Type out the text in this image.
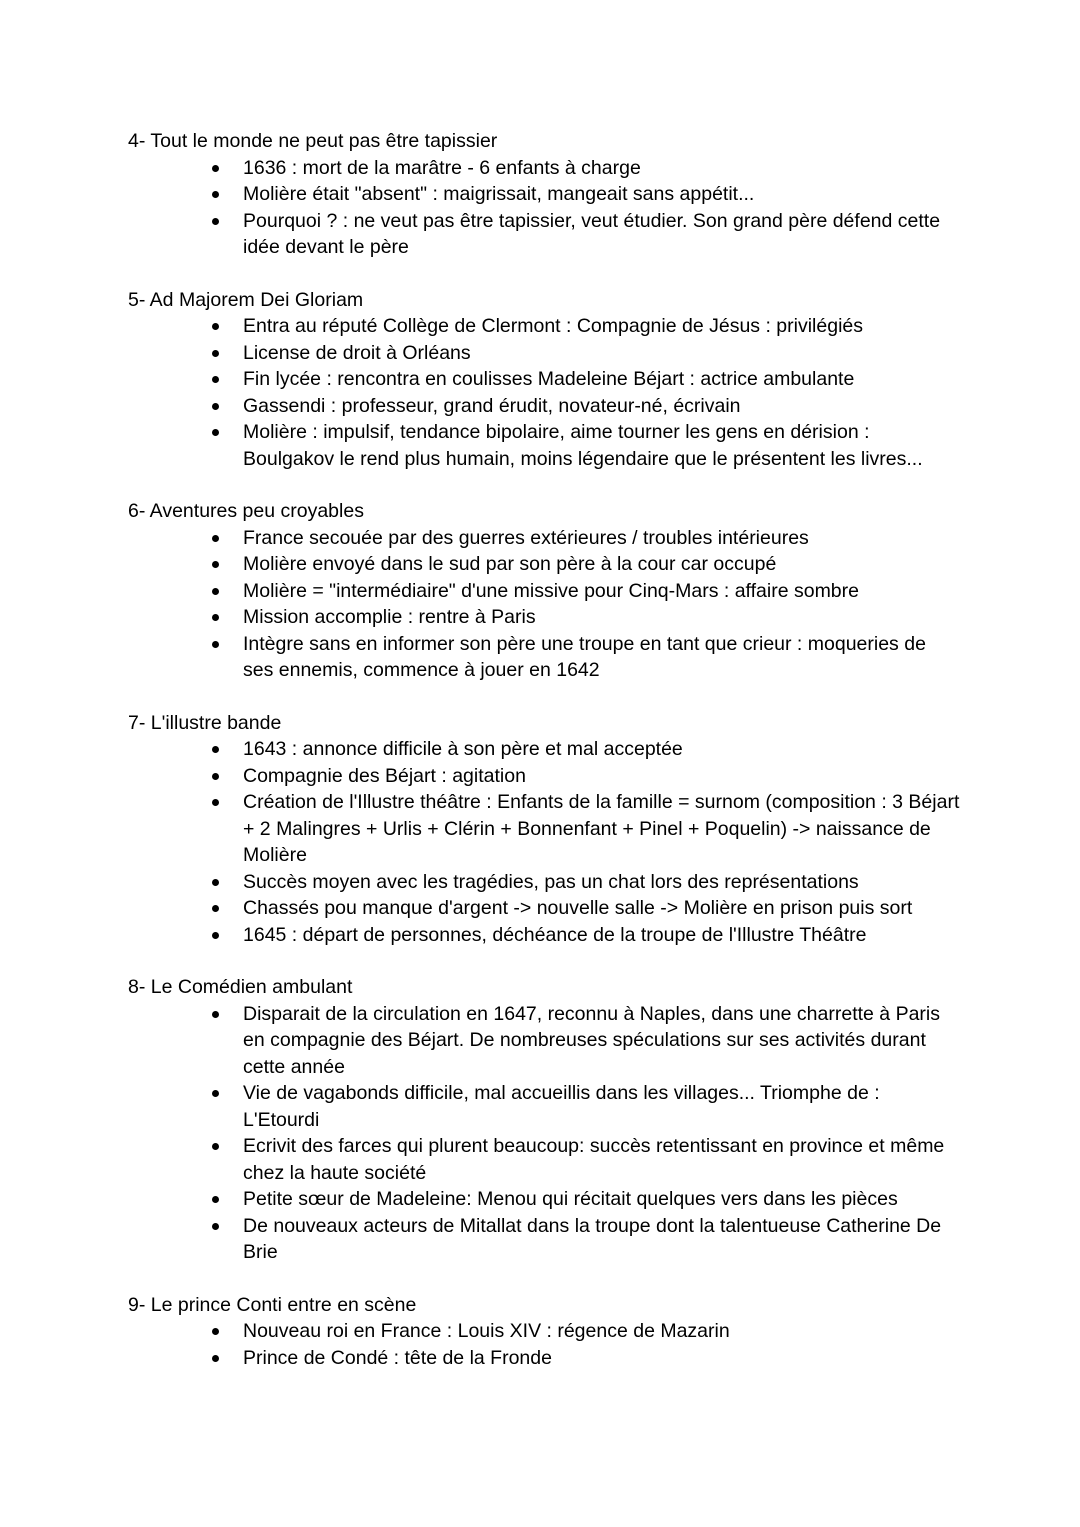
4- Tout le monde ne peut pas être tapissier
1636 : mort de la marâtre - 6 enfants à charge
Molière était "absent" : maigrissait, mangeait sans appétit...
Pourquoi ? : ne veut pas être tapissier, veut étudier. Son grand père défend cette idée devant le père
5- Ad Majorem Dei Gloriam
Entra au réputé Collège de Clermont : Compagnie de Jésus : privilégiés
License de droit à Orléans
Fin lycée : rencontra en coulisses Madeleine Béjart : actrice ambulante
Gassendi : professeur, grand érudit, novateur-né, écrivain
Molière : impulsif, tendance bipolaire, aime tourner les gens en dérision : Boulgakov le rend plus humain, moins légendaire que le présentent les livres...
6- Aventures peu croyables
France secouée par des guerres extérieures / troubles intérieures
Molière envoyé dans le sud par son père à la cour car occupé
Molière = "intermédiaire" d'une missive pour Cinq-Mars : affaire sombre
Mission accomplie : rentre à Paris
Intègre sans en informer son père une troupe en tant que crieur : moqueries de ses ennemis, commence à jouer en 1642
7- L'illustre bande
1643 : annonce difficile à son père et mal acceptée
Compagnie des Béjart : agitation
Création de l'Illustre théâtre : Enfants de la famille = surnom (composition : 3 Béjart + 2 Malingres + Urlis + Clérin + Bonnenfant + Pinel + Poquelin) -> naissance de Molière
Succès moyen avec les tragédies, pas un chat lors des représentations
Chassés pou manque d'argent -> nouvelle salle -> Molière en prison puis sort
1645 : départ de personnes, déchéance de la troupe de l'Illustre Théâtre
8- Le Comédien ambulant
Disparait de la circulation en 1647, reconnu à Naples, dans une charrette à Paris en compagnie des Béjart. De nombreuses spéculations sur ses activités durant cette année
Vie de vagabonds difficile, mal accueillis dans les villages... Triomphe de : L'Etourdi
Ecrivit des farces qui plurent beaucoup: succès retentissant en province et même chez la haute société
Petite sœur de Madeleine: Menou qui récitait quelques vers dans les pièces
De nouveaux acteurs de Mitallat dans la troupe dont la talentueuse Catherine De Brie
9- Le prince Conti entre en scène
Nouveau roi en France : Louis XIV : régence de Mazarin
Prince de Condé : tête de la Fronde
